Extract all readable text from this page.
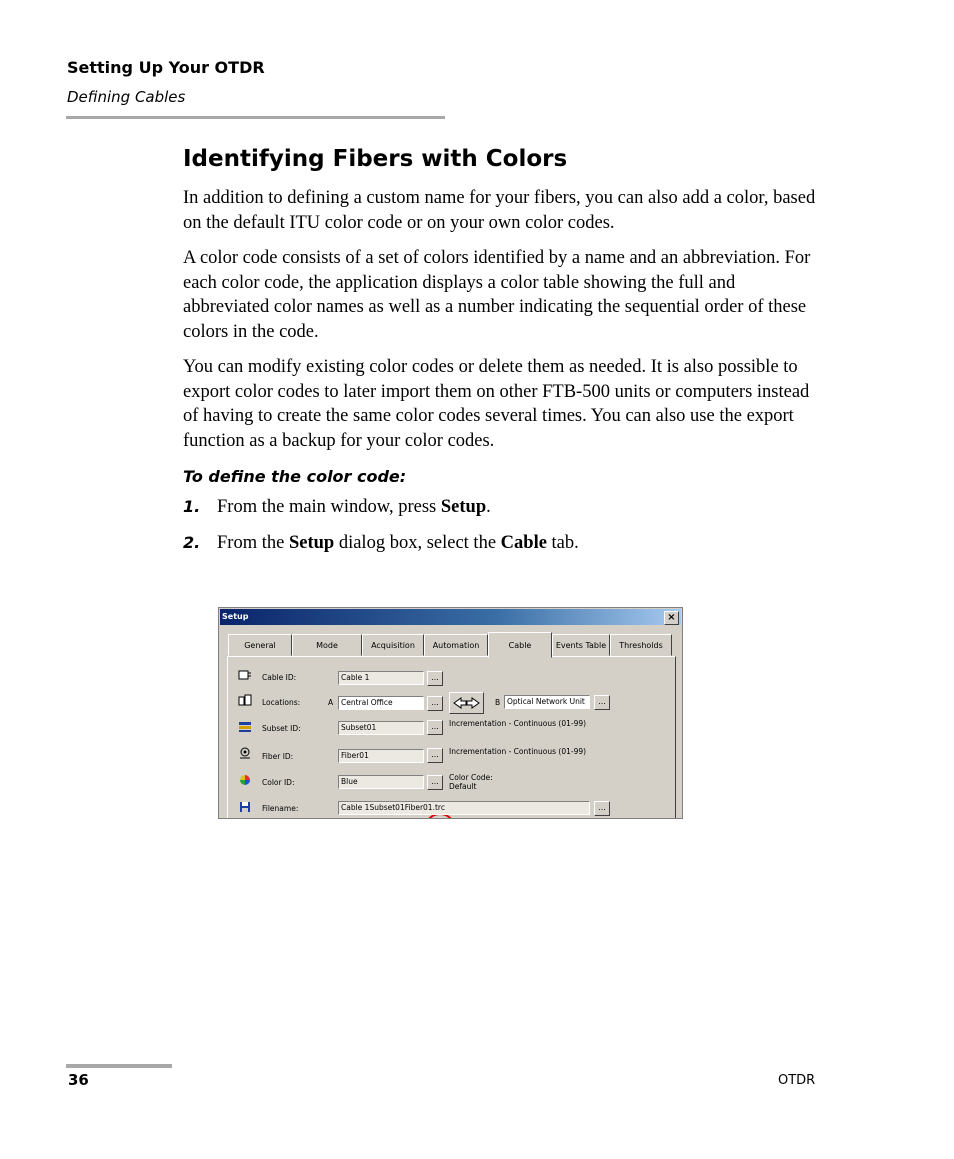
Setting Up Your OTDR
Defining Cables
Identifying Fibers with Colors

In addition to defining a custom name for your fibers, you can also add a color, based on the default ITU color code or on your own color codes.

A color code consists of a set of colors identified by a name and an abbreviation. For each color code, the application displays a color table showing the full and abbreviated color names as well as a number indicating the sequential order of these colors in the code.

You can modify existing color codes or delete them as needed. It is also possible to export color codes to later import them on other FTB-500 units or computers instead of having to create the same color codes several times. You can also use the export function as a backup for your color codes.

To define the color code:
1. From the main window, press Setup.
2. From the Setup dialog box, select the Cable tab.
Setup	×
General	Mode	Acquisition	Automation	Cable	Events Table	Thresholds
Cable ID:	Cable 1	...
Locations:	A	Central Office	...	B Optical Network Unit	...
Subset ID:	Subset01	...	Incrementation - Continuous (01-99)
Fiber ID:	Fiber01	...	Incrementation - Continuous (01-99)
Color ID:	Blue	...	Color Code:
Default
Filename:	Cable 1Subset01Fiber01.trc	...
36	OTDR
